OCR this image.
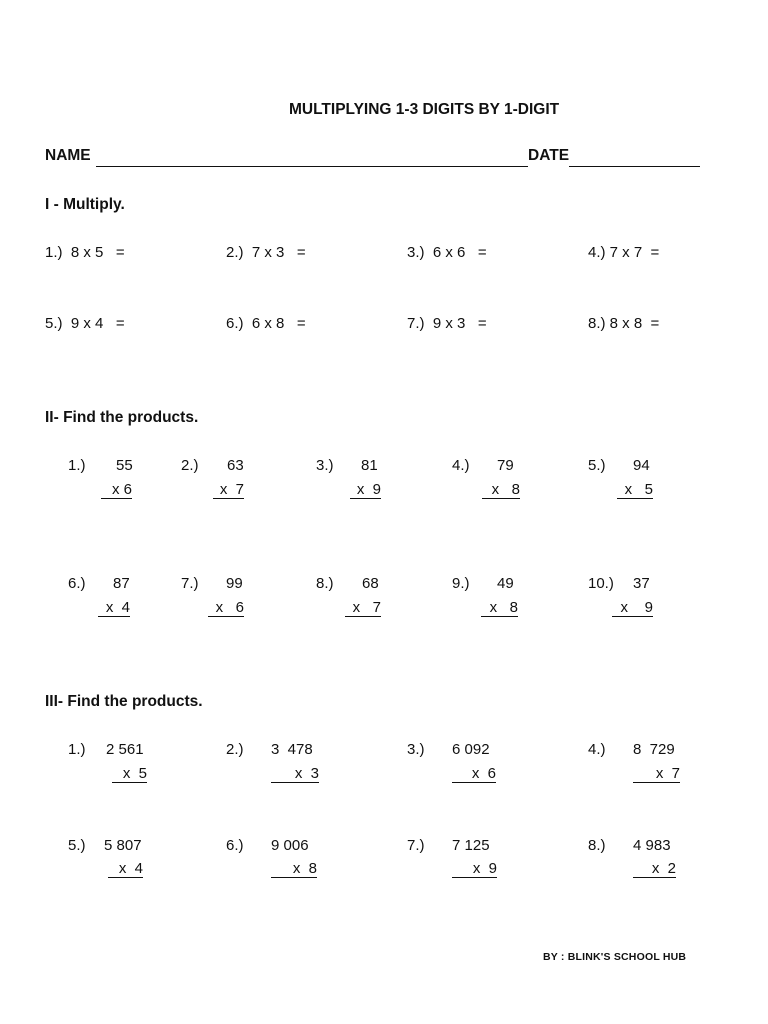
MULTIPLYING 1-3 DIGITS BY 1-DIGIT
NAME	DATE
I - Multiply.
1.)  8 x 5   =	2.)  7 x 3   =	3.)  6 x 6   =	4.) 7 x 7  =
5.)  9 x 4   =	6.)  6 x 8   =	7.)  9 x 3   =	8.) 8 x 8  =
II- Find the products.
1.) 55
x 6
2.) 63
x  7
3.) 81
x  9
4.) 79
x   8
5.) 94
x   5
6.) 87
x  4
7.) 99
x   6
8.) 68
x   7
9.) 49
x   8
10.) 37
x    9
III- Find the products.
1.) 2 561
x  5
2.) 3  478
x  3
3.) 6 092
x  6
4.) 8  729
x  7
5.) 5 807
x  4
6.) 9 006
x  8
7.) 7 125
x  9
8.) 4 983
x  2
BY : BLINK'S SCHOOL HUB
